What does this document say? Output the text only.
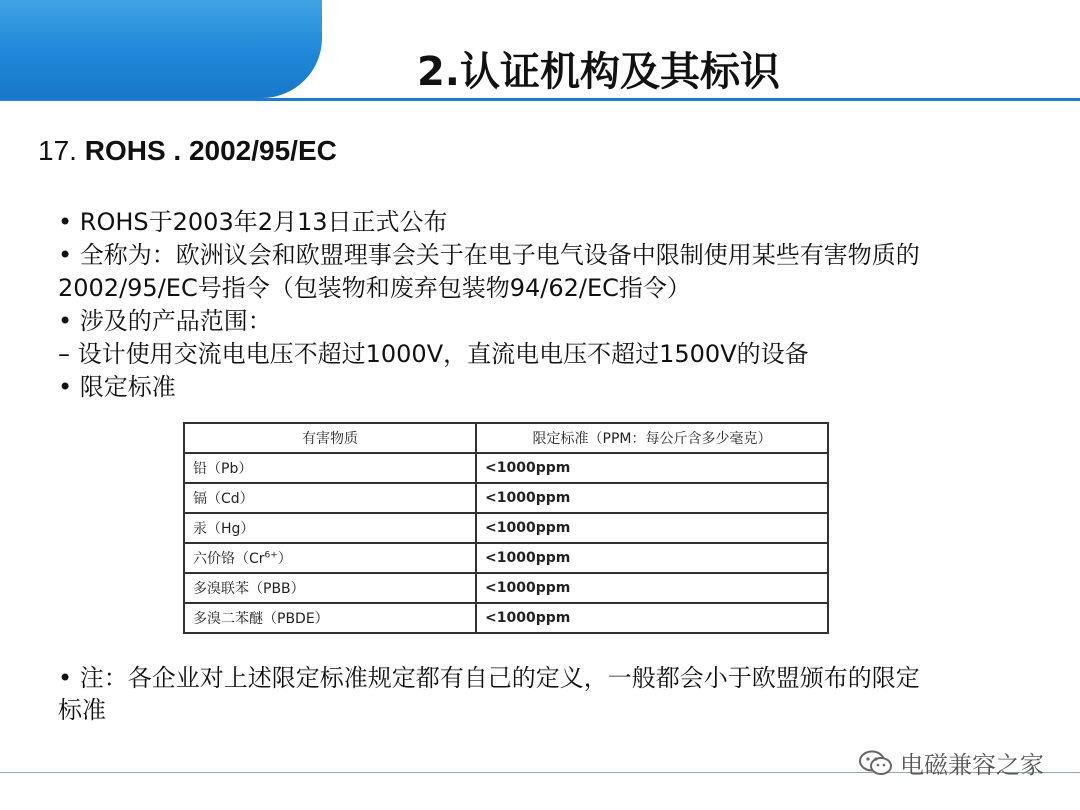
2.认证机构及其标识
17. ROHS . 2002/95/EC
• ROHS于2003年2月13日正式公布
• 全称为：欧洲议会和欧盟理事会关于在电子电气设备中限制使用某些有害物质的
2002/95/EC号指令（包装物和废弃包装物94/62/EC指令）
• 涉及的产品范围：
– 设计使用交流电电压不超过1000V，直流电电压不超过1500V的设备
• 限定标准
有害物质	限定标准（PPM：每公斤含多少毫克）
铅（Pb）	<1000ppm
镉（Cd）	<1000ppm
汞（Hg）	<1000ppm
六价铬$(Cr^{6+})$	<1000ppm
多溴联苯（PBB）	<1000ppm
多溴二苯醚（PBDE）	<1000ppm
• 注：各企业对上述限定标准规定都有自己的定义，一般都会小于欧盟颁布的限定
标准
电磁兼容之家
